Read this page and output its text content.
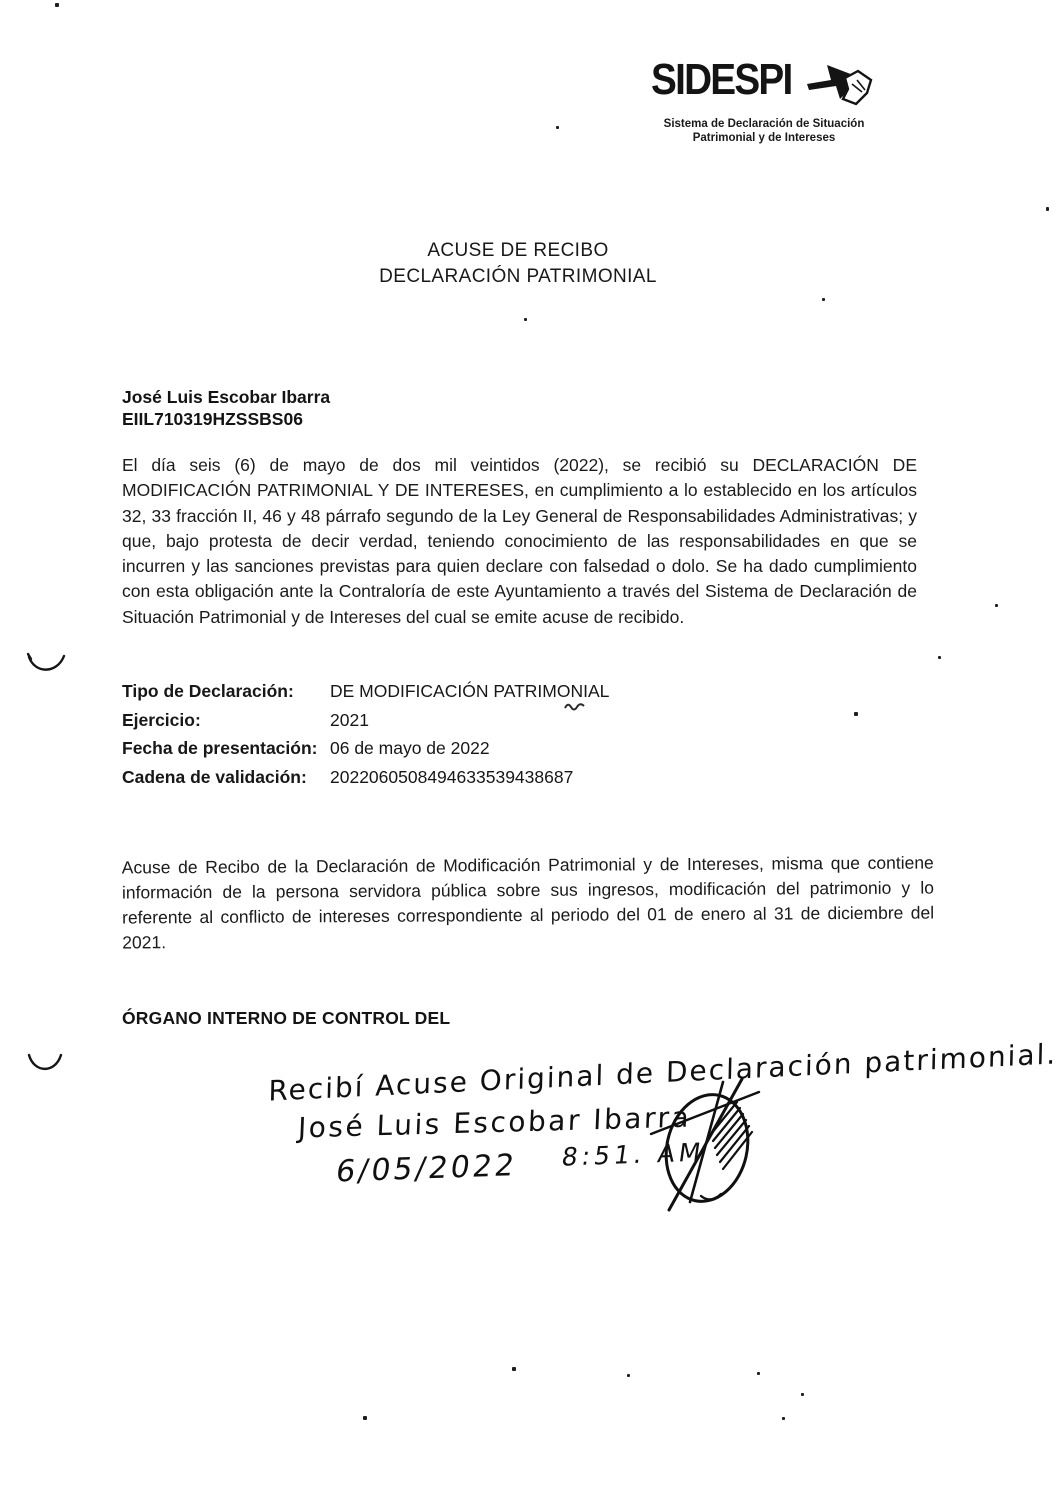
SIDESPI
Sistema de Declaración de Situación
Patrimonial y de Intereses
ACUSE DE RECIBO
DECLARACIÓN PATRIMONIAL
José Luis Escobar Ibarra
EIIL710319HZSSBS06
El día seis (6) de mayo de dos mil veintidos (2022), se recibió su DECLARACIÓN DE MODIFICACIÓN PATRIMONIAL Y DE INTERESES, en cumplimiento a lo establecido en los artículos 32, 33 fracción II, 46 y 48 párrafo segundo de la Ley General de Responsabilidades Administrativas; y que, bajo protesta de decir verdad, teniendo conocimiento de las responsabilidades en que se incurren y las sanciones previstas para quien declare con falsedad o dolo. Se ha dado cumplimiento con esta obligación ante la Contraloría de este Ayuntamiento a través del Sistema de Declaración de Situación Patrimonial y de Intereses del cual se emite acuse de recibido.
Tipo de Declaración:	DE MODIFICACIÓN PATRIMONIAL
Ejercicio:	2021
Fecha de presentación: 06 de mayo de 2022
Cadena de validación:	2022060508494633539438687
Acuse de Recibo de la Declaración de Modificación Patrimonial y de Intereses, misma que contiene información de la persona servidora pública sobre sus ingresos, modificación del patrimonio y lo referente al conflicto de intereses correspondiente al periodo del 01 de enero al 31 de diciembre del 2021.
ÓRGANO INTERNO DE CONTROL DEL
Recibí Acuse Original de Declaración patrimonial.
José Luis Escobar Ibarra
6/05/2022 $^{8:51. AM}$
